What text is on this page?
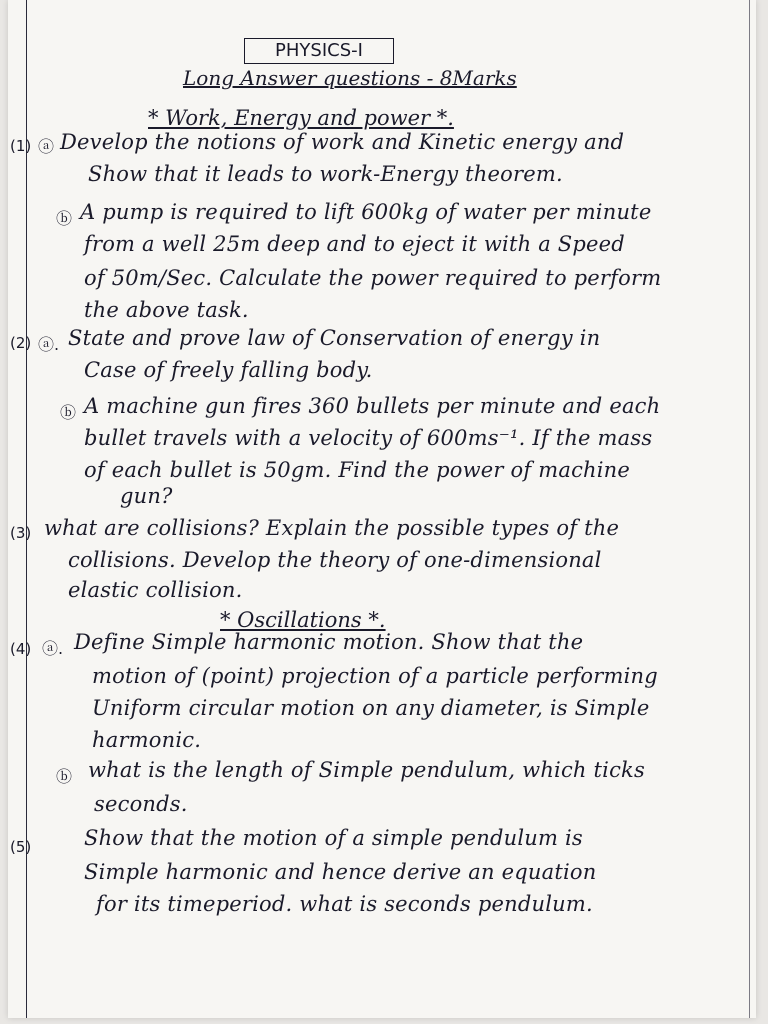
PHYSICS-I
Long Answer questions - 8Marks
* Work, Energy and power *.
(1) ⓐ Develop the notions of work and Kinetic energy and
Show that it leads to work-Energy theorem.
ⓑ A pump is required to lift 600kg of water per minute
from a well 25m deep and to eject it with a Speed
of 50m/Sec. Calculate the power required to perform
the above task.
(2) ⓐ. State and prove law of Conservation of energy in
Case of freely falling body.
ⓑ A machine gun fires 360 bullets per minute and each
bullet travels with a velocity of 600ms⁻¹. If the mass
of each bullet is 50gm. Find the power of machine
gun?
(3) what are collisions? Explain the possible types of the
collisions. Develop the theory of one-dimensional
elastic collision.
* Oscillations *.
(4) ⓐ. Define Simple harmonic motion. Show that the
motion of (point) projection of a particle performing
Uniform circular motion on any diameter, is Simple
harmonic.
ⓑ what is the length of Simple pendulum, which ticks
seconds.
(5)	Show that the motion of a simple pendulum is
Simple harmonic and hence derive an equation
for its timeperiod. what is seconds pendulum.
